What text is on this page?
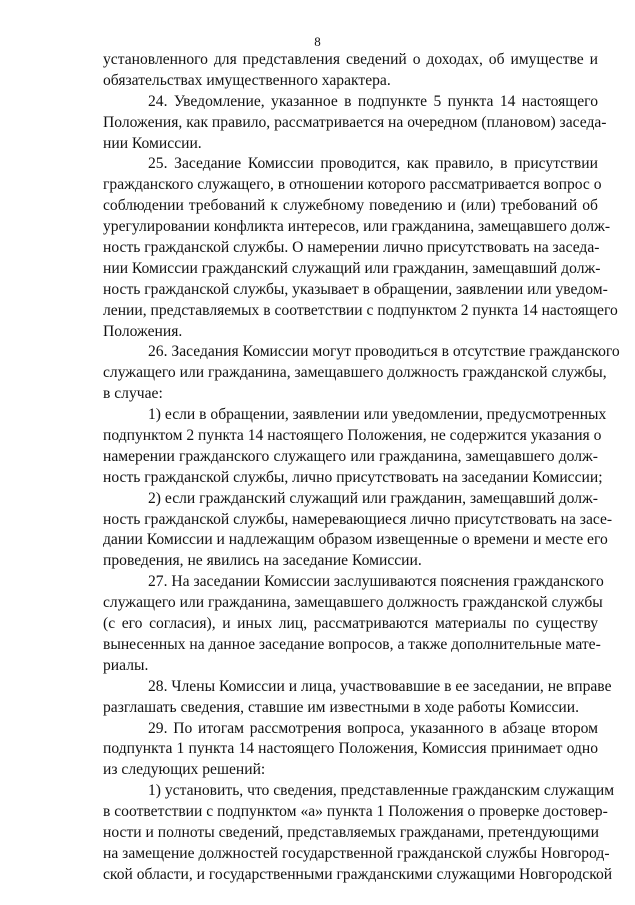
8
установленного для представления сведений о доходах, об имуществе и
обязательствах имущественного характера.
24. Уведомление, указанное в подпункте 5 пункта 14 настоящего
Положения, как правило, рассматривается на очередном (плановом) заседа-
нии Комиссии.
25. Заседание Комиссии проводится, как правило, в присутствии
гражданского служащего, в отношении которого рассматривается вопрос о
соблюдении требований к служебному поведению и (или) требований об
урегулировании конфликта интересов, или гражданина, замещавшего долж-
ность гражданской службы. О намерении лично присутствовать на заседа-
нии Комиссии гражданский служащий или гражданин, замещавший долж-
ность гражданской службы, указывает в обращении, заявлении или уведом-
лении, представляемых в соответствии с подпунктом 2 пункта 14 настоящего
Положения.
26. Заседания Комиссии могут проводиться в отсутствие гражданского
служащего или гражданина, замещавшего должность гражданской службы,
в случае:
1) если в обращении, заявлении или уведомлении, предусмотренных
подпунктом 2 пункта 14 настоящего Положения, не содержится указания о
намерении гражданского служащего или гражданина, замещавшего долж-
ность гражданской службы, лично присутствовать на заседании Комиссии;
2) если гражданский служащий или гражданин, замещавший долж-
ность гражданской службы, намеревающиеся лично присутствовать на засе-
дании Комиссии и надлежащим образом извещенные о времени и месте его
проведения, не явились на заседание Комиссии.
27. На заседании Комиссии заслушиваются пояснения гражданского
служащего или гражданина, замещавшего должность гражданской службы
(с его согласия), и иных лиц, рассматриваются материалы по существу
вынесенных на данное заседание вопросов, а также дополнительные мате-
риалы.
28. Члены Комиссии и лица, участвовавшие в ее заседании, не вправе
разглашать сведения, ставшие им известными в ходе работы Комиссии.
29. По итогам рассмотрения вопроса, указанного в абзаце втором
подпункта 1 пункта 14 настоящего Положения, Комиссия принимает одно
из следующих решений:
1) установить, что сведения, представленные гражданским служащим
в соответствии с подпунктом «а» пункта 1 Положения о проверке достовер-
ности и полноты сведений, представляемых гражданами, претендующими
на замещение должностей государственной гражданской службы Новгород-
ской области, и государственными гражданскими служащими Новгородской
